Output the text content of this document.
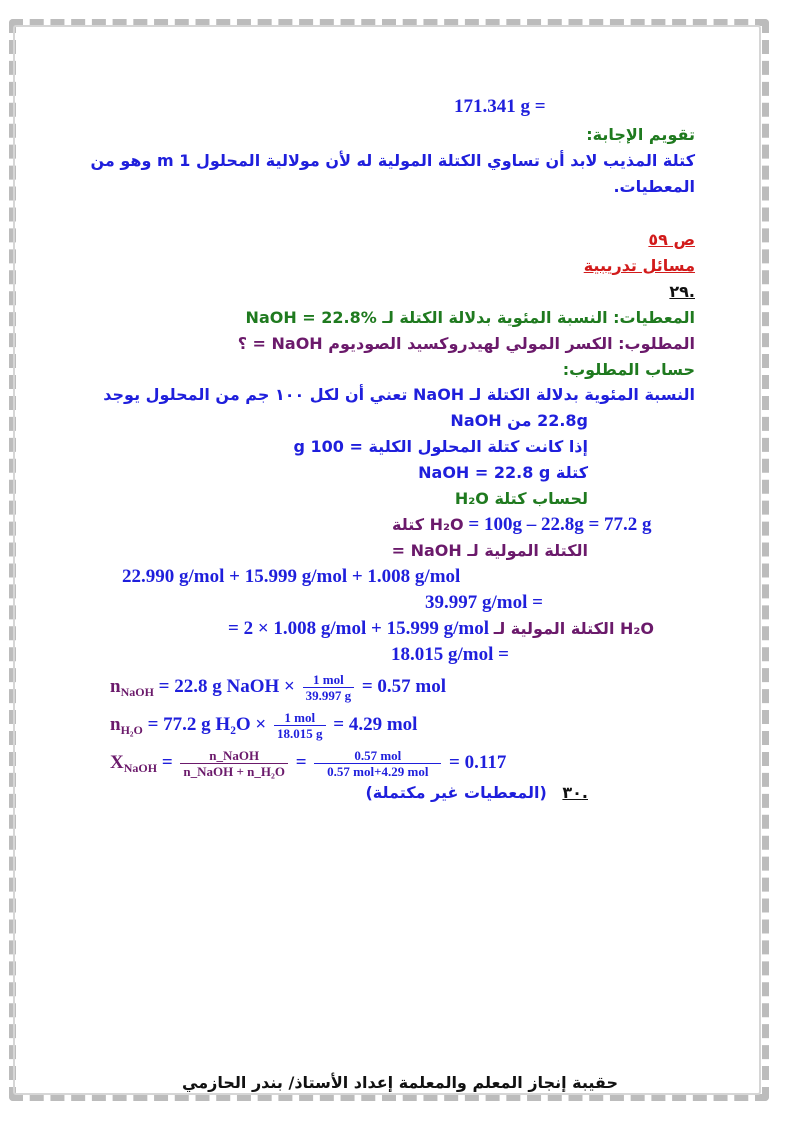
171.341 g =
تقويم الإجابة:
كتلة المذيب لابد أن تساوي الكتلة المولية له لأن مولالية المحلول 1 m وهو من
المعطيات.
ص ٥٩
مسائل تدريبية
.٢٩
المعطيات: النسبة المئوية بدلالة الكتلة لـ NaOH = 22.8%
المطلوب: الكسر المولي لهيدروكسيد الصوديوم NaOH = ؟
حساب المطلوب:
النسبة المئوية بدلالة الكتلة لـ NaOH تعني أن لكل ١٠٠ جم من المحلول يوجد
22.8g من NaOH
إذا كانت كتلة المحلول الكلية = 100 g
كتلة NaOH = 22.8 g
لحساب كتلة H₂O
كتلة H₂O = 100g – 22.8g = 77.2 g
الكتلة المولية لـ NaOH =
22.990 g/mol + 15.999 g/mol + 1.008 g/mol
39.997 g/mol =
= 2 × 1.008 g/mol + 15.999 g/mol الكتلة المولية لـ H₂O
18.015 g/mol =
$n_{NaOH} = 22.8$ g NaOH × $\frac{\text{1 mol}}{39.997 g} = 0.57$ mol
$n_{H_2O} = 77.2$ g $H_2O \times \frac{\text{1 mol}}{18.015 g} = 4.29$ mol
$X_{NaOH} = \frac{\text{n\_NaOH}}{\text{n\_NaOH + n\_H₂O}} = \frac{\text{0.57 mol}}{\text{0.57 mol+4.29 mol}} = 0.117$
.٣٠ (المعطيات غير مكتملة)
حقيبة إنجاز المعلم والمعلمة إعداد الأستاذ/ بندر الحازمي
